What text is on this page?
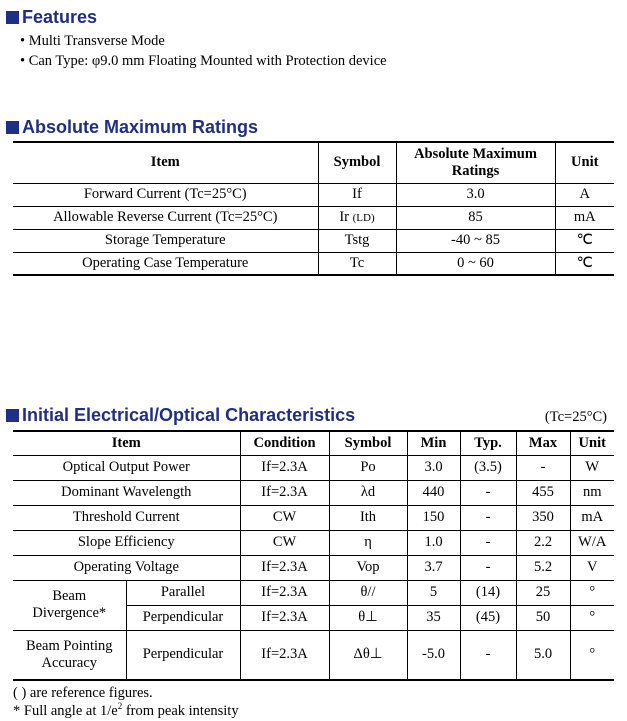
Features
• Multi Transverse Mode
• Can Type: φ9.0 mm Floating Mounted with Protection device
Absolute Maximum Ratings
Item	Symbol	Absolute Maximum Ratings	Unit
Forward Current (Tc=25°C)	If	3.0	A
Allowable Reverse Current (Tc=25°C)	Ir (LD)	85	mA
Storage Temperature	Tstg	-40 ~ 85	℃
Operating Case Temperature	Tc	0 ~ 60	℃
Initial Electrical/Optical Characteristics	(Tc=25°C)
Item		Condition	Symbol	Min	Typ.	Max	Unit
Optical Output Power		If=2.3A	Po	3.0	(3.5)	-	W
Dominant Wavelength		If=2.3A	λd	440	-	455	nm
Threshold Current		CW	Ith	150	-	350	mA
Slope Efficiency		CW	η	1.0	-	2.2	W/A
Operating Voltage		If=2.3A	Vop	3.7	-	5.2	V
Beam Divergence*	Parallel	If=2.3A	θ//	5	(14)	25	°
	Perpendicular	If=2.3A	θ⊥	35	(45)	50	°
Beam Pointing Accuracy	Perpendicular	If=2.3A	Δθ⊥	-5.0	-	5.0	°
( ) are reference figures.
* Full angle at $1/e^2$ from peak intensity
